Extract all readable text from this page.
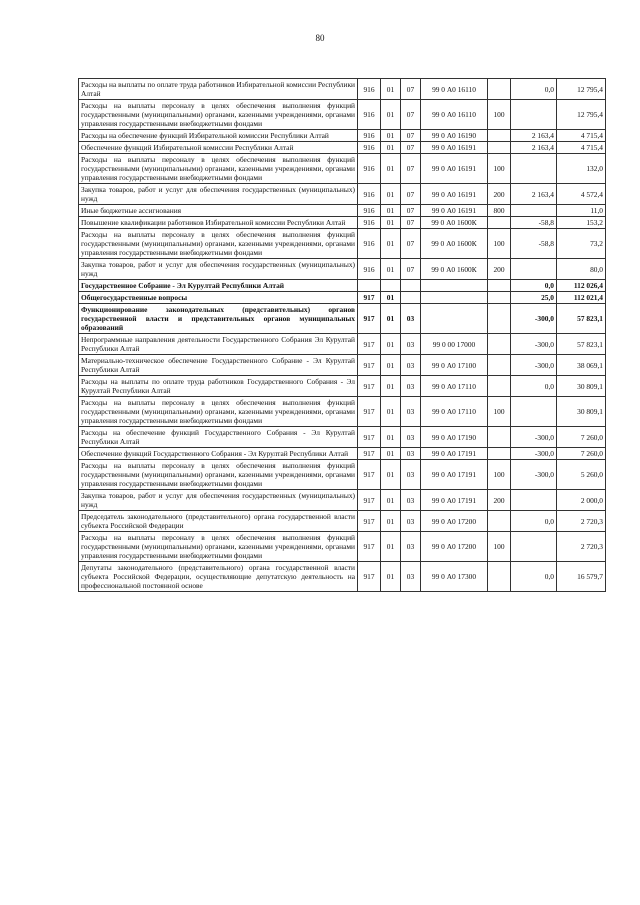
80
Расходы на выплаты по оплате труда работников Избирательной комиссии Республики Алтай	916	01	07	99 0 А0 16110		0,0	12 795,4
Расходы на выплаты персоналу в целях обеспечения выполнения функций государственными (муниципальными) органами, казенными учреждениями, органами управления государственными внебюджетными фондами	916	01	07	99 0 А0 16110	100		12 795,4
Расходы на обеспечение функций Избирательной комиссии Республики Алтай	916	01	07	99 0 А0 16190		2 163,4	4 715,4
Обеспечение функций Избирательной комиссии Республики Алтай	916	01	07	99 0 А0 16191		2 163,4	4 715,4
Расходы на выплаты персоналу в целях обеспечения выполнения функций государственными (муниципальными) органами, казенными учреждениями, органами управления государственными внебюджетными фондами	916	01	07	99 0 А0 16191	100		132,0
Закупка товаров, работ и услуг для обеспечения государственных (муниципальных) нужд	916	01	07	99 0 А0 16191	200	2 163,4	4 572,4
Иные бюджетные ассигнования	916	01	07	99 0 А0 16191	800		11,0
Повышение квалификации работников Избирательной комиссии Республики Алтай	916	01	07	99 0 А0 1600К		-58,8	153,2
Расходы на выплаты персоналу в целях обеспечения выполнения функций государственными (муниципальными) органами, казенными учреждениями, органами управления государственными внебюджетными фондами	916	01	07	99 0 А0 1600К	100	-58,8	73,2
Закупка товаров, работ и услуг для обеспечения государственных (муниципальных) нужд	916	01	07	99 0 А0 1600К	200		80,0
Государственное Собрание - Эл Курултай Республики Алтай						0,0	112 026,4
Общегосударственные вопросы	917	01				25,0	112 021,4
Функционирование законодательных (представительных) органов государственной власти и представительных органов муниципальных образований	917	01	03			-300,0	57 823,1
Непрограммные направления деятельности Государственного Собрания Эл Курултай Республики Алтай	917	01	03	99 0 00 17000		-300,0	57 823,1
Материально-техническое обеспечение Государственного Собрание - Эл Курултай Республики Алтай	917	01	03	99 0 А0 17100		-300,0	38 069,1
Расходы на выплаты по оплате труда работников Государственного Собрания - Эл Курултай Республики Алтай	917	01	03	99 0 А0 17110		0,0	30 809,1
Расходы на выплаты персоналу в целях обеспечения выполнения функций государственными (муниципальными) органами, казенными учреждениями, органами управления государственными внебюджетными фондами	917	01	03	99 0 А0 17110	100		30 809,1
Расходы на обеспечение функций Государственного Собрания - Эл Курултай Республики Алтай	917	01	03	99 0 А0 17190		-300,0	7 260,0
Обеспечение функций Государственного Собрания - Эл Курултай Республики Алтай	917	01	03	99 0 А0 17191		-300,0	7 260,0
Расходы на выплаты персоналу в целях обеспечения выполнения функций государственными (муниципальными) органами, казенными учреждениями, органами управления государственными внебюджетными фондами	917	01	03	99 0 А0 17191	100	-300,0	5 260,0
Закупка товаров, работ и услуг для обеспечения государственных (муниципальных) нужд	917	01	03	99 0 А0 17191	200		2 000,0
Председатель законодательного (представительного) органа государственной власти субъекта Российской Федерации	917	01	03	99 0 А0 17200		0,0	2 720,3
Расходы на выплаты персоналу в целях обеспечения выполнения функций государственными (муниципальными) органами, казенными учреждениями, органами управления государственными внебюджетными фондами	917	01	03	99 0 А0 17200	100		2 720,3
Депутаты законодательного (представительного) органа государственной власти субъекта Российской Федерации, осуществляющие депутатскую деятельность на профессиональной постоянной основе	917	01	03	99 0 А0 17300		0,0	16 579,7
